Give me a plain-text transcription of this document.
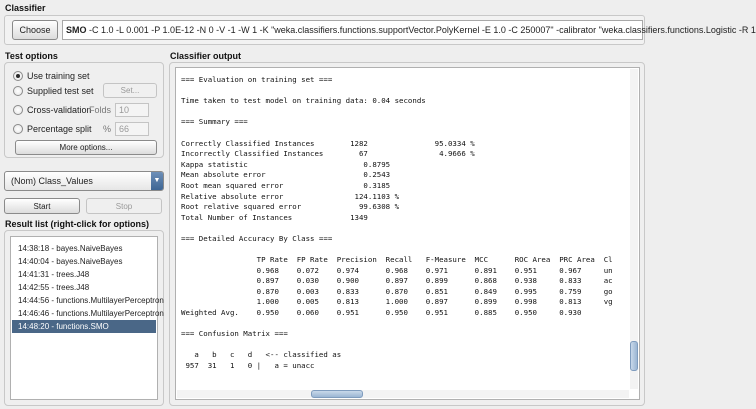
Classifier
Choose	SMO -C 1.0 -L 0.001 -P 1.0E-12 -N 0 -V -1 -W 1 -K "weka.classifiers.functions.supportVector.PolyKernel -E 1.0 -C 250007" -calibrator "weka.classifiers.functions.Logistic -R 1
Test options
Use training set
Supplied test set	Set...
Cross-validation
Folds 10
Percentage split % 66
More options...
(Nom) Class_Values	▼
Start	Stop
Result list (right-click for options)
14:38:18 - bayes.NaiveBayes
14:40:04 - bayes.NaiveBayes
14:41:31 - trees.J48
14:42:55 - trees.J48
14:44:56 - functions.MultilayerPerceptron
14:46:46 - functions.MultilayerPerceptron
14:48:20 - functions.SMO
Classifier output
=== Evaluation on training set ===

Time taken to test model on training data: 0.04 seconds

=== Summary ===

Correctly Classified Instances        1282               95.0334 %
Incorrectly Classified Instances        67                4.9666 %
Kappa statistic                          0.8795
Mean absolute error                      0.2543
Root mean squared error                  0.3185
Relative absolute error                124.1103 %
Root relative squared error             99.6308 %
Total Number of Instances             1349

=== Detailed Accuracy By Class ===

TP Rate  FP Rate  Precision  Recall   F-Measure  MCC      ROC Area  PRC Area  Cl
0.968    0.072    0.974      0.968    0.971      0.891    0.951     0.967     un
0.897    0.030    0.900      0.897    0.899      0.868    0.938     0.833     ac
0.870    0.003    0.833      0.870    0.851      0.849    0.995     0.759     go
1.000    0.005    0.813      1.000    0.897      0.899    0.998     0.813     vg
Weighted Avg.    0.950    0.060    0.951      0.950    0.951      0.885    0.950     0.930

=== Confusion Matrix ===

a   b   c   d   <-- classified as
957  31   1   0 |   a = unacc
